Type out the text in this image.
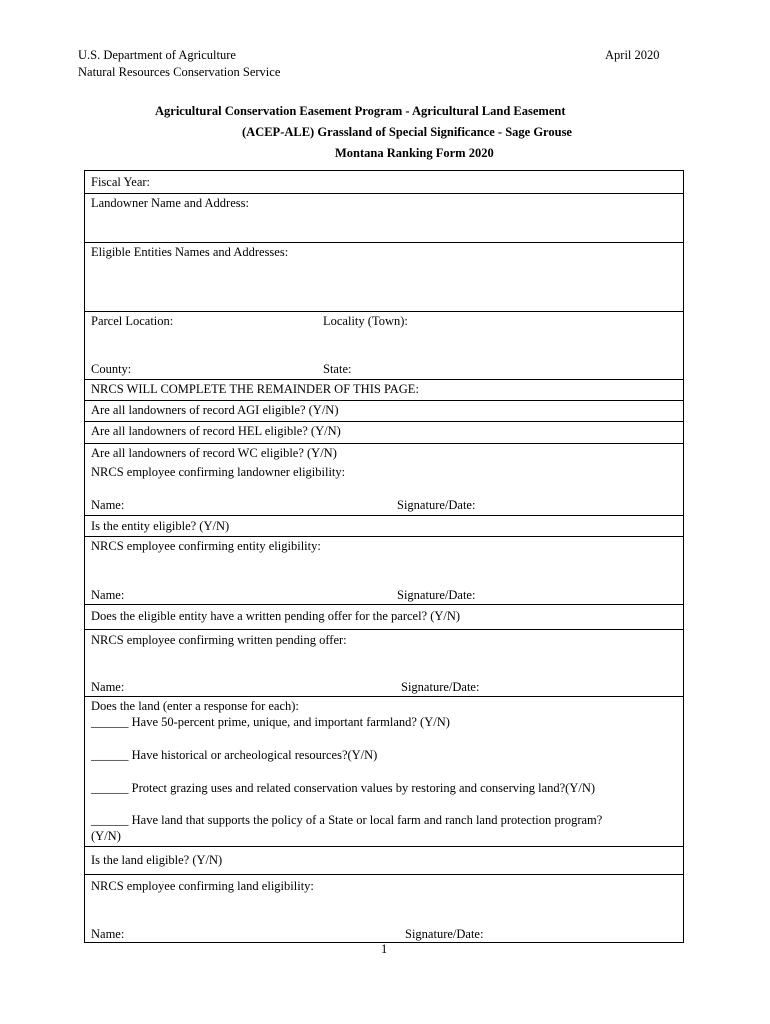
U.S. Department of Agriculture
Natural Resources Conservation Service
April 2020
Agricultural Conservation Easement Program - Agricultural Land Easement
(ACEP-ALE) Grassland of Special Significance - Sage Grouse
Montana Ranking Form 2020
Fiscal Year:
Landowner Name and Address:
Eligible Entities Names and Addresses:
Parcel Location:	Locality (Town):
County:	State:
NRCS WILL COMPLETE THE REMAINDER OF THIS PAGE:
Are all landowners of record AGI eligible? (Y/N)
Are all landowners of record HEL eligible? (Y/N)
Are all landowners of record WC eligible? (Y/N)
NRCS employee confirming landowner eligibility:
Name:	Signature/Date:
Is the entity eligible? (Y/N)
NRCS employee confirming entity eligibility:
Name:	Signature/Date:
Does the eligible entity have a written pending offer for the parcel? (Y/N)
NRCS employee confirming written pending offer:
Name:	Signature/Date:
Does the land (enter a response for each):
______ Have 50-percent prime, unique, and important farmland? (Y/N)
______ Have historical or archeological resources?(Y/N)
______ Protect grazing uses and related conservation values by restoring and conserving land?(Y/N)
______ Have land that supports the policy of a State or local farm and ranch land protection program?
(Y/N)
Is the land eligible? (Y/N)
NRCS employee confirming land eligibility:
Name:	Signature/Date:
1
